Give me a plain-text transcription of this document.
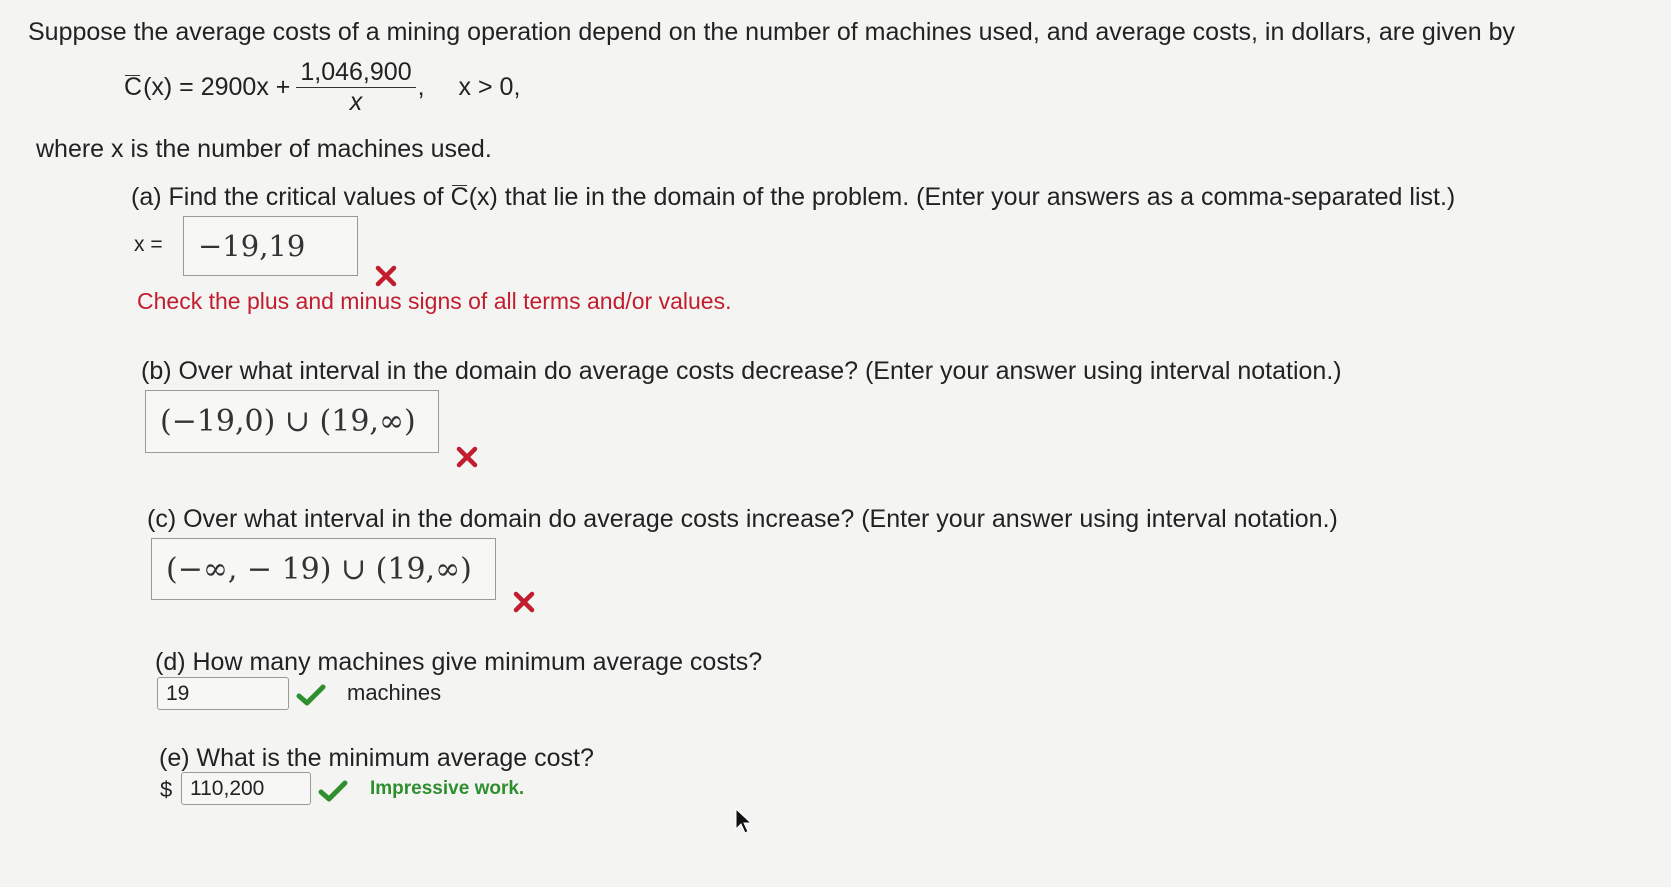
Suppose the average costs of a mining operation depend on the number of machines used, and average costs, in dollars, are given by
C $(x) = 2900x + \frac{1,046,900}{x}$ , x > 0,
where x is the number of machines used.
(a) Find the critical values of C (x) that lie in the domain of the problem. (Enter your answers as a comma-separated list.)
x = −19,19
Check the plus and minus signs of all terms and/or values.
(b) Over what interval in the domain do average costs decrease? (Enter your answer using interval notation.)
(−19,0) ∪ (19,∞)
(c) Over what interval in the domain do average costs increase? (Enter your answer using interval notation.)
(−∞, − 19) ∪ (19,∞)
(d) How many machines give minimum average costs?
19	machines
(e) What is the minimum average cost?
$ 110,200	Impressive work.
